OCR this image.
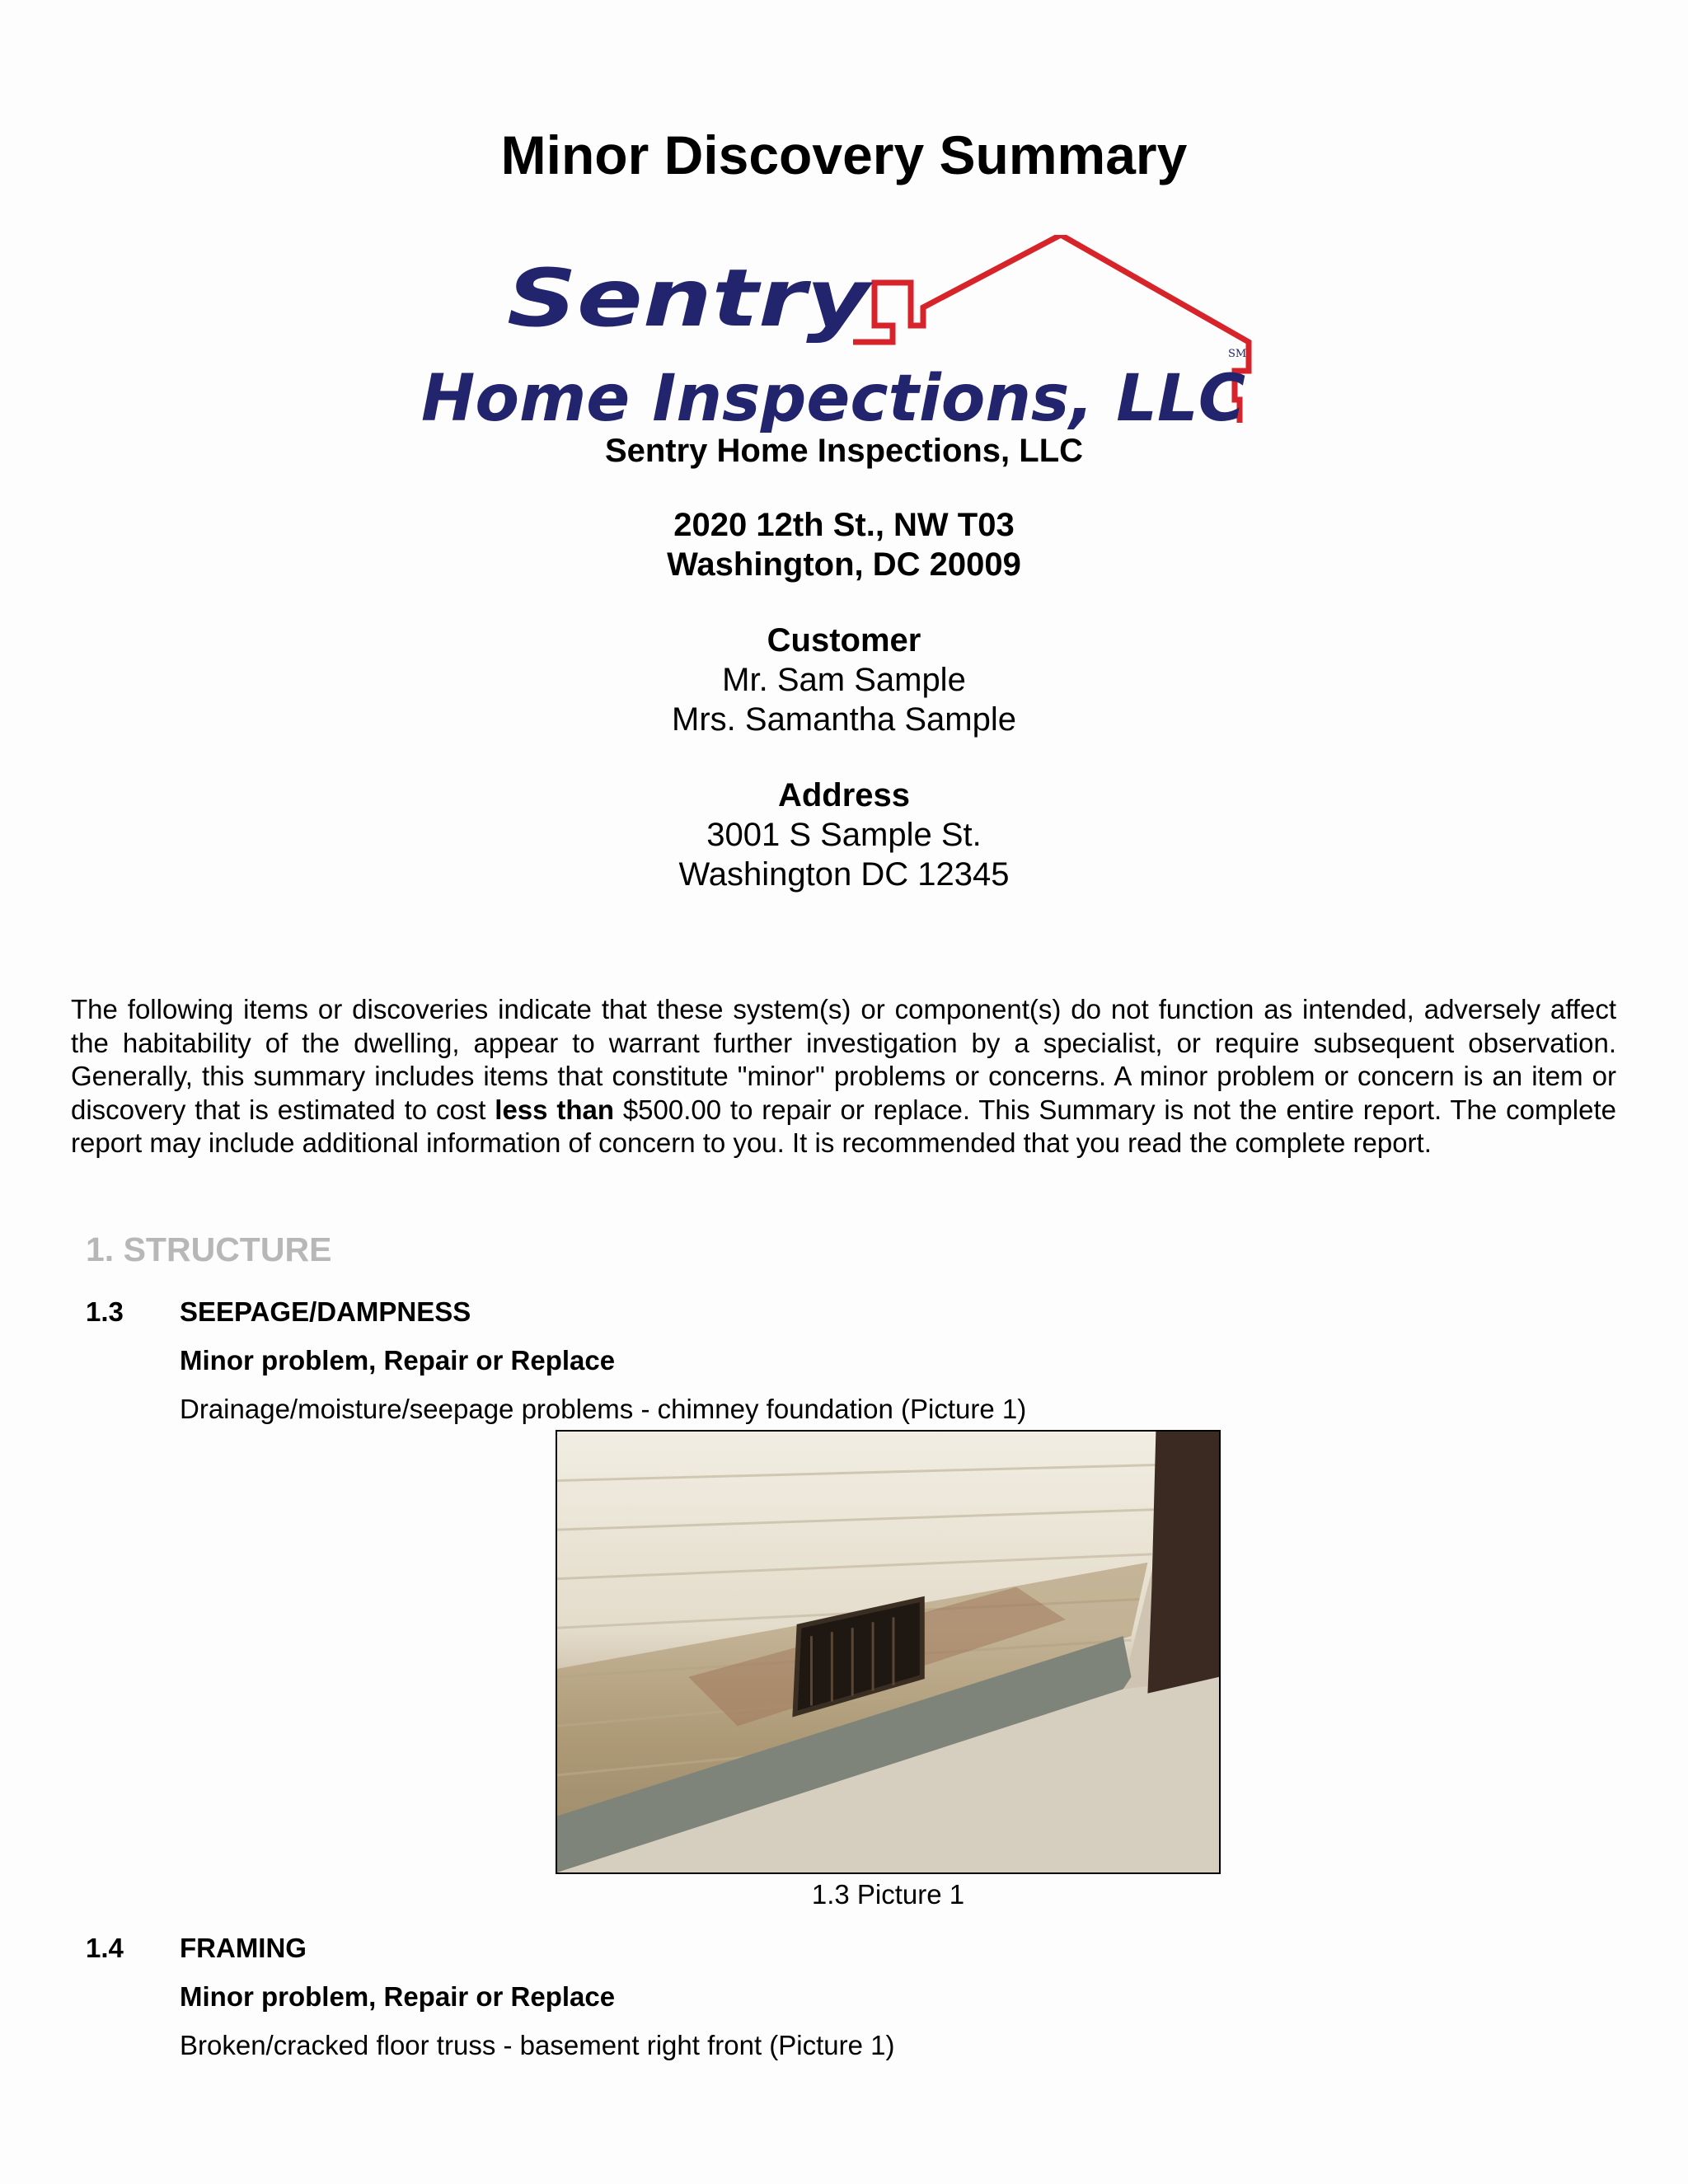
Minor Discovery Summary
Sentry
Home Inspections, LLC
SM
Sentry Home Inspections, LLC
2020 12th St., NW T03
Washington, DC 20009
Customer
Mr. Sam Sample
Mrs. Samantha Sample
Address
3001 S Sample St.
Washington DC 12345
The following items or discoveries indicate that these system(s) or component(s) do not function as intended, adversely affect the habitability of the dwelling, appear to warrant further investigation by a specialist, or require subsequent observation. Generally, this summary includes items that constitute "minor" problems or concerns. A minor problem or concern is an item or discovery that is estimated to cost less than $500.00 to repair or replace. This Summary is not the entire report. The complete report may include additional information of concern to you. It is recommended that you read the complete report.
1. STRUCTURE
1.3 SEEPAGE/DAMPNESS
Minor problem, Repair or Replace
Drainage/moisture/seepage problems - chimney foundation (Picture 1)
1.3 Picture 1
1.4 FRAMING
Minor problem, Repair or Replace
Broken/cracked floor truss - basement right front (Picture 1)
